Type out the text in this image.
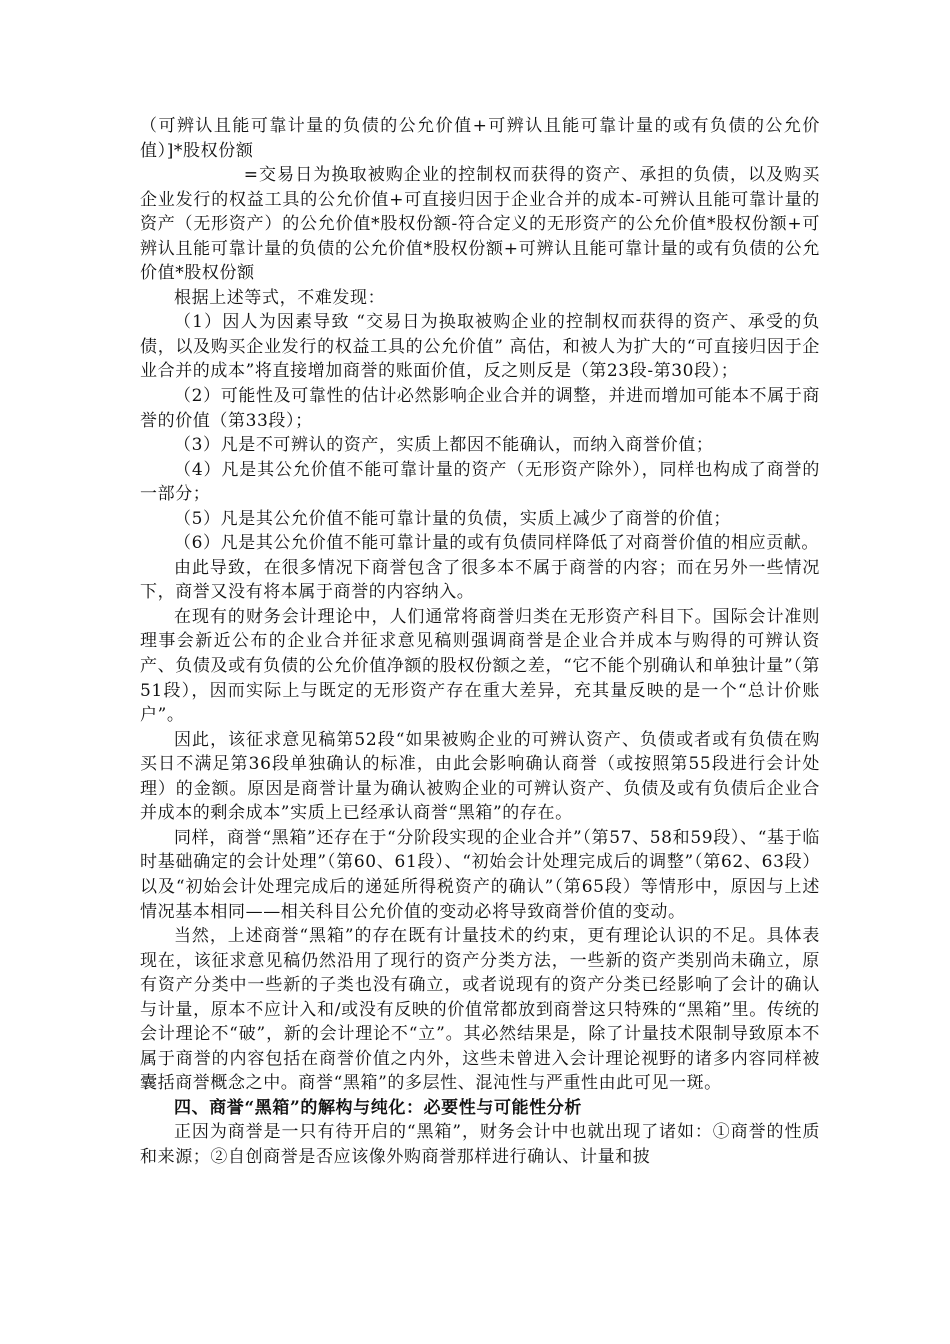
（可辨认且能可靠计量的负债的公允价值+可辨认且能可靠计量的或有负债的公允价值）]*股权份额

=交易日为换取被购企业的控制权而获得的资产、承担的负债，以及购买企业发行的权益工具的公允价值+可直接归因于企业合并的成本-可辨认且能可靠计量的资产（无形资产）的公允价值*股权份额-符合定义的无形资产的公允价值*股权份额+可辨认且能可靠计量的负债的公允价值*股权份额+可辨认且能可靠计量的或有负债的公允价值*股权份额

根据上述等式，不难发现：

（1）因人为因素导致 “交易日为换取被购企业的控制权而获得的资产、承受的负债，以及购买企业发行的权益工具的公允价值” 高估，和被人为扩大的“可直接归因于企业合并的成本”将直接增加商誉的账面价值，反之则反是（第23段-第30段）；

（2）可能性及可靠性的估计必然影响企业合并的调整，并进而增加可能本不属于商誉的价值（第33段）；

（3）凡是不可辨认的资产，实质上都因不能确认，而纳入商誉价值；

（4）凡是其公允价值不能可靠计量的资产（无形资产除外），同样也构成了商誉的一部分；

（5）凡是其公允价值不能可靠计量的负债，实质上减少了商誉的价值；

（6）凡是其公允价值不能可靠计量的或有负债同样降低了对商誉价值的相应贡献。

由此导致，在很多情况下商誉包含了很多本不属于商誉的内容；而在另外一些情况下，商誉又没有将本属于商誉的内容纳入。

在现有的财务会计理论中，人们通常将商誉归类在无形资产科目下。国际会计准则理事会新近公布的企业合并征求意见稿则强调商誉是企业合并成本与购得的可辨认资产、负债及或有负债的公允价值净额的股权份额之差，“它不能个别确认和单独计量”（第51段），因而实际上与既定的无形资产存在重大差异，充其量反映的是一个“总计价账户”。

因此，该征求意见稿第52段“如果被购企业的可辨认资产、负债或者或有负债在购买日不满足第36段单独确认的标准，由此会影响确认商誉（或按照第55段进行会计处理）的金额。原因是商誉计量为确认被购企业的可辨认资产、负债及或有负债后企业合并成本的剩余成本”实质上已经承认商誉“黑箱”的存在。

同样，商誉“黑箱”还存在于“分阶段实现的企业合并”（第57、58和59段）、“基于临时基础确定的会计处理”（第60、61段）、“初始会计处理完成后的调整”（第62、63段）以及“初始会计处理完成后的递延所得税资产的确认”（第65段）等情形中，原因与上述情况基本相同——相关科目公允价值的变动必将导致商誉价值的变动。

当然，上述商誉“黑箱”的存在既有计量技术的约束，更有理论认识的不足。具体表现在，该征求意见稿仍然沿用了现行的资产分类方法，一些新的资产类别尚未确立，原有资产分类中一些新的子类也没有确立，或者说现有的资产分类已经影响了会计的确认与计量，原本不应计入和/或没有反映的价值常都放到商誉这只特殊的“黑箱”里。传统的会计理论不“破”，新的会计理论不“立”。其必然结果是，除了计量技术限制导致原本不属于商誉的内容包括在商誉价值之内外，这些未曾进入会计理论视野的诸多内容同样被囊括商誉概念之中。商誉“黑箱”的多层性、混沌性与严重性由此可见一斑。

四、商誉“黑箱”的解构与纯化：必要性与可能性分析

正因为商誉是一只有待开启的“黑箱”，财务会计中也就出现了诸如：①商誉的性质和来源；②自创商誉是否应该像外购商誉那样进行确认、计量和披
